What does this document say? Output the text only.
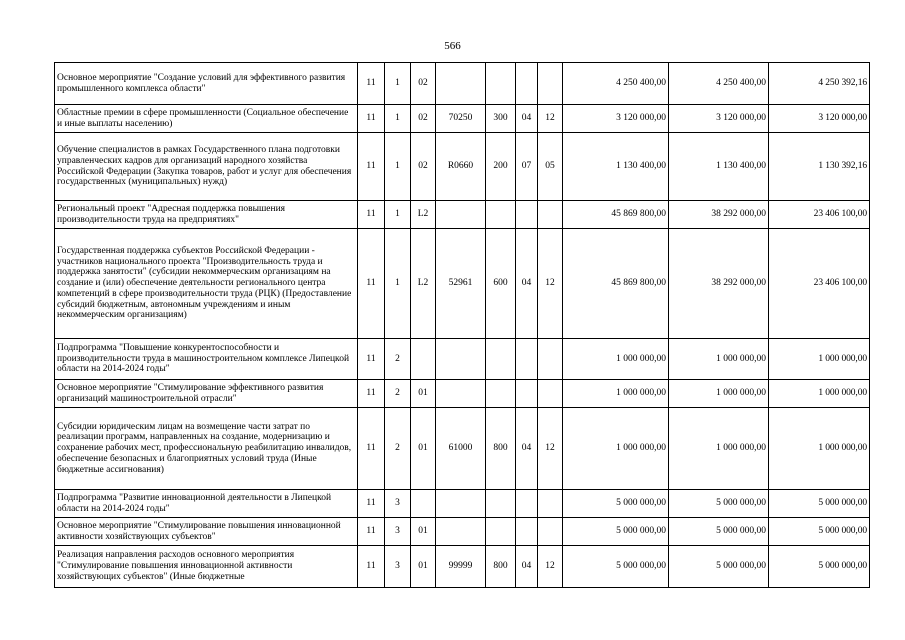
566
Основное мероприятие "Создание условий для эффективного развития промышленного комплекса области"	11	1	02					4 250 400,00	4 250 400,00	4 250 392,16
Областные премии в сфере промышленности (Социальное обеспечение и иные выплаты населению)	11	1	02	70250	300	04	12	3 120 000,00	3 120 000,00	3 120 000,00
Обучение специалистов в рамках Государственного плана подготовки управленческих кадров для организаций народного хозяйства Российской Федерации (Закупка товаров, работ и услуг для обеспечения государственных (муниципальных) нужд)	11	1	02	R0660	200	07	05	1 130 400,00	1 130 400,00	1 130 392,16
Региональный проект "Адресная поддержка повышения производительности труда на предприятиях"	11	1	L2					45 869 800,00	38 292 000,00	23 406 100,00
Государственная поддержка субъектов Российской Федерации - участников национального проекта "Производительность труда и поддержка занятости" (субсидии некоммерческим организациям на создание и (или) обеспечение деятельности регионального центра компетенций в сфере производительности труда (РЦК) (Предоставление субсидий бюджетным, автономным учреждениям и иным некоммерческим организациям)	11	1	L2	52961	600	04	12	45 869 800,00	38 292 000,00	23 406 100,00
Подпрограмма "Повышение конкурентоспособности и производительности труда в машиностроительном комплексе Липецкой области на 2014-2024 годы"	11	2						1 000 000,00	1 000 000,00	1 000 000,00
Основное мероприятие "Стимулирование эффективного развития организаций машиностроительной отрасли"	11	2	01					1 000 000,00	1 000 000,00	1 000 000,00
Субсидии юридическим лицам на возмещение части затрат по реализации программ, направленных на создание, модернизацию и сохранение рабочих мест, профессиональную реабилитацию инвалидов, обеспечение безопасных и благоприятных условий труда (Иные бюджетные ассигнования)	11	2	01	61000	800	04	12	1 000 000,00	1 000 000,00	1 000 000,00
Подпрограмма "Развитие инновационной деятельности в Липецкой области на 2014-2024 годы"	11	3						5 000 000,00	5 000 000,00	5 000 000,00
Основное мероприятие "Стимулирование повышения инновационной активности хозяйствующих субъектов"	11	3	01					5 000 000,00	5 000 000,00	5 000 000,00
Реализация направления расходов основного мероприятия "Стимулирование повышения инновационной активности хозяйствующих субъектов" (Иные бюджетные	11	3	01	99999	800	04	12	5 000 000,00	5 000 000,00	5 000 000,00
